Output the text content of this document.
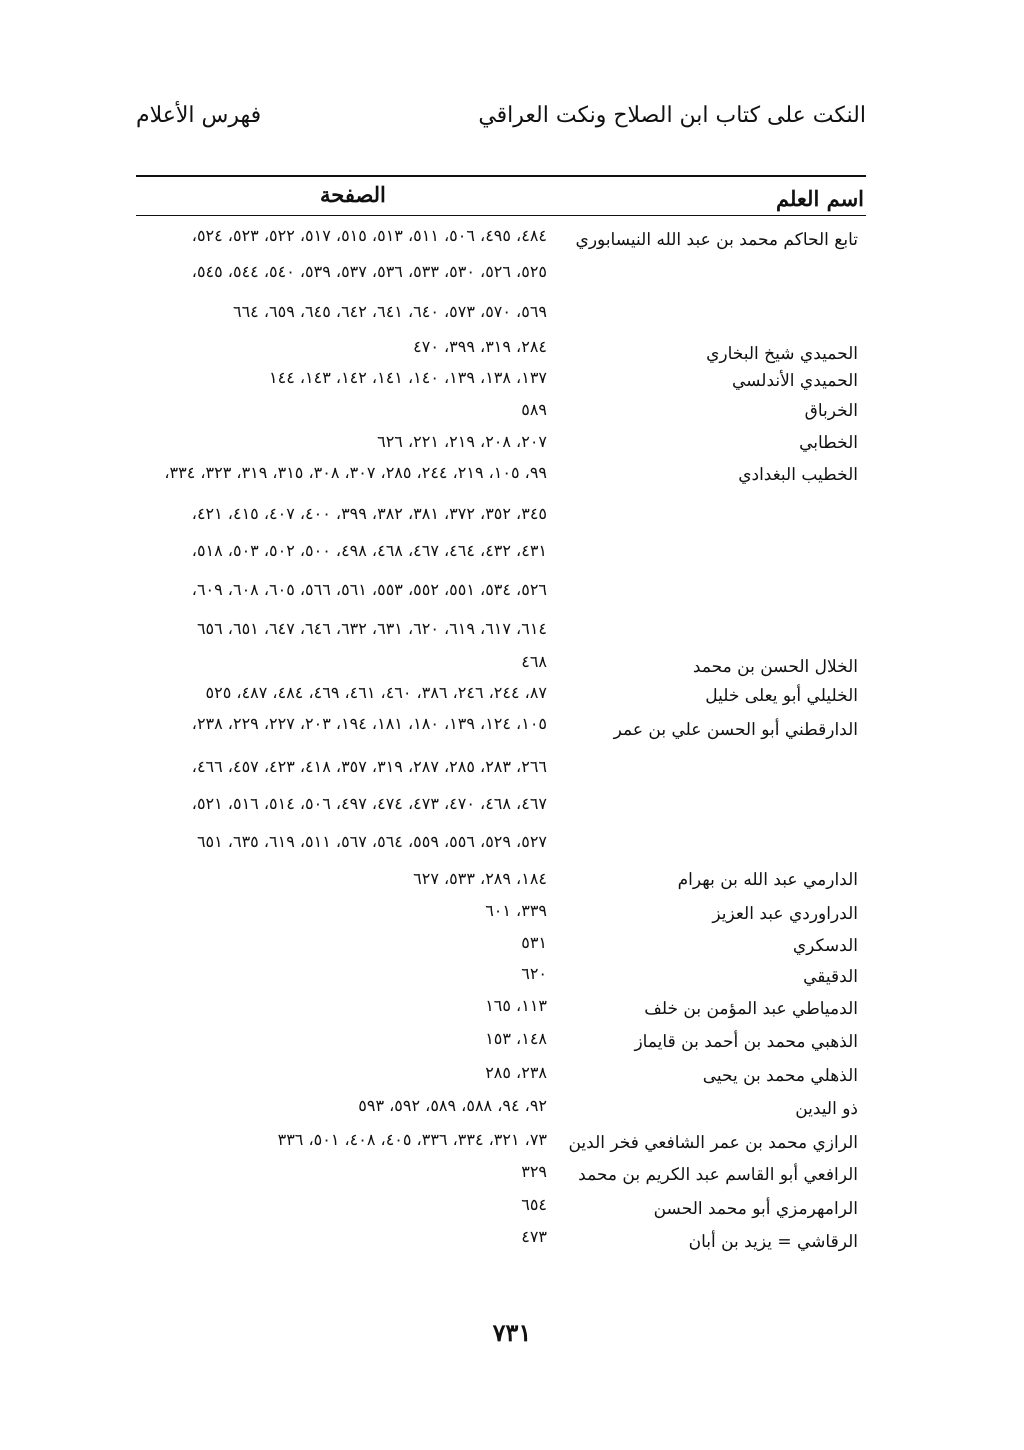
النكت على كتاب ابن الصلاح ونكت العراقي
فهرس الأعلام
اسم العلم
الصفحة
تابع الحاكم محمد بن عبد الله النيسابوري
٤٨٤، ٤٩٥، ٥٠٦، ٥١١، ٥١٣، ٥١٥، ٥١٧، ٥٢٢، ٥٢٣، ٥٢٤،
٥٢٥، ٥٢٦، ٥٣٠، ٥٣٣، ٥٣٦، ٥٣٧، ٥٣٩، ٥٤٠، ٥٤٤، ٥٤٥،
٥٦٩، ٥٧٠، ٥٧٣، ٦٤٠، ٦٤١، ٦٤٢، ٦٤٥، ٦٥٩، ٦٦٤
الحميدي شيخ البخاري
٢٨٤، ٣١٩، ٣٩٩، ٤٧٠
الحميدي الأندلسي
١٣٧، ١٣٨، ١٣٩، ١٤٠، ١٤١، ١٤٢، ١٤٣، ١٤٤
الخرباق
٥٨٩
الخطابي
٢٠٧، ٢٠٨، ٢١٩، ٢٢١، ٦٢٦
الخطيب البغدادي
٩٩، ١٠٥، ٢١٩، ٢٤٤، ٢٨٥، ٣٠٧، ٣٠٨، ٣١٥، ٣١٩، ٣٢٣، ٣٣٤،
٣٤٥، ٣٥٢، ٣٧٢، ٣٨١، ٣٨٢، ٣٩٩، ٤٠٠، ٤٠٧، ٤١٥، ٤٢١،
٤٣١، ٤٣٢، ٤٦٤، ٤٦٧، ٤٦٨، ٤٩٨، ٥٠٠، ٥٠٢، ٥٠٣، ٥١٨،
٥٢٦، ٥٣٤، ٥٥١، ٥٥٢، ٥٥٣، ٥٦١، ٥٦٦، ٦٠٥، ٦٠٨، ٦٠٩،
٦١٤، ٦١٧، ٦١٩، ٦٢٠، ٦٣١، ٦٣٢، ٦٤٦، ٦٤٧، ٦٥١، ٦٥٦
الخلال الحسن بن محمد
٤٦٨
الخليلي أبو يعلى خليل
٨٧، ٢٤٤، ٢٤٦، ٣٨٦، ٤٦٠، ٤٦١، ٤٦٩، ٤٨٤، ٤٨٧، ٥٢٥
الدارقطني أبو الحسن علي بن عمر
١٠٥، ١٢٤، ١٣٩، ١٨٠، ١٨١، ١٩٤، ٢٠٣، ٢٢٧، ٢٢٩، ٢٣٨،
٢٦٦، ٢٨٣، ٢٨٥، ٢٨٧، ٣١٩، ٣٥٧، ٤١٨، ٤٢٣، ٤٥٧، ٤٦٦،
٤٦٧، ٤٦٨، ٤٧٠، ٤٧٣، ٤٧٤، ٤٩٧، ٥٠٦، ٥١٤، ٥١٦، ٥٢١،
٥٢٧، ٥٢٩، ٥٥٦، ٥٥٩، ٥٦٤، ٥٦٧، ٥١١، ٦١٩، ٦٣٥، ٦٥١
الدارمي عبد الله بن بهرام
١٨٤، ٢٨٩، ٥٣٣، ٦٢٧
الدراوردي عبد العزيز
٣٣٩، ٦٠١
الدسكري
٥٣١
الدقيقي
٦٢٠
الدمياطي عبد المؤمن بن خلف
١١٣، ١٦٥
الذهبي محمد بن أحمد بن قايماز
١٤٨، ١٥٣
الذهلي محمد بن يحيى
٢٣٨، ٢٨٥
ذو اليدين
٩٢، ٩٤، ٥٨٨، ٥٨٩، ٥٩٢، ٥٩٣
الرازي محمد بن عمر الشافعي فخر الدين
٧٣، ٣٢١، ٣٣٤، ٣٣٦، ٤٠٥، ٤٠٨، ٥٠١، ٣٣٦
الرافعي أبو القاسم عبد الكريم بن محمد
٣٢٩
الرامهرمزي أبو محمد الحسن
٦٥٤
الرقاشي = يزيد بن أبان
٤٧٣
٧٣١
